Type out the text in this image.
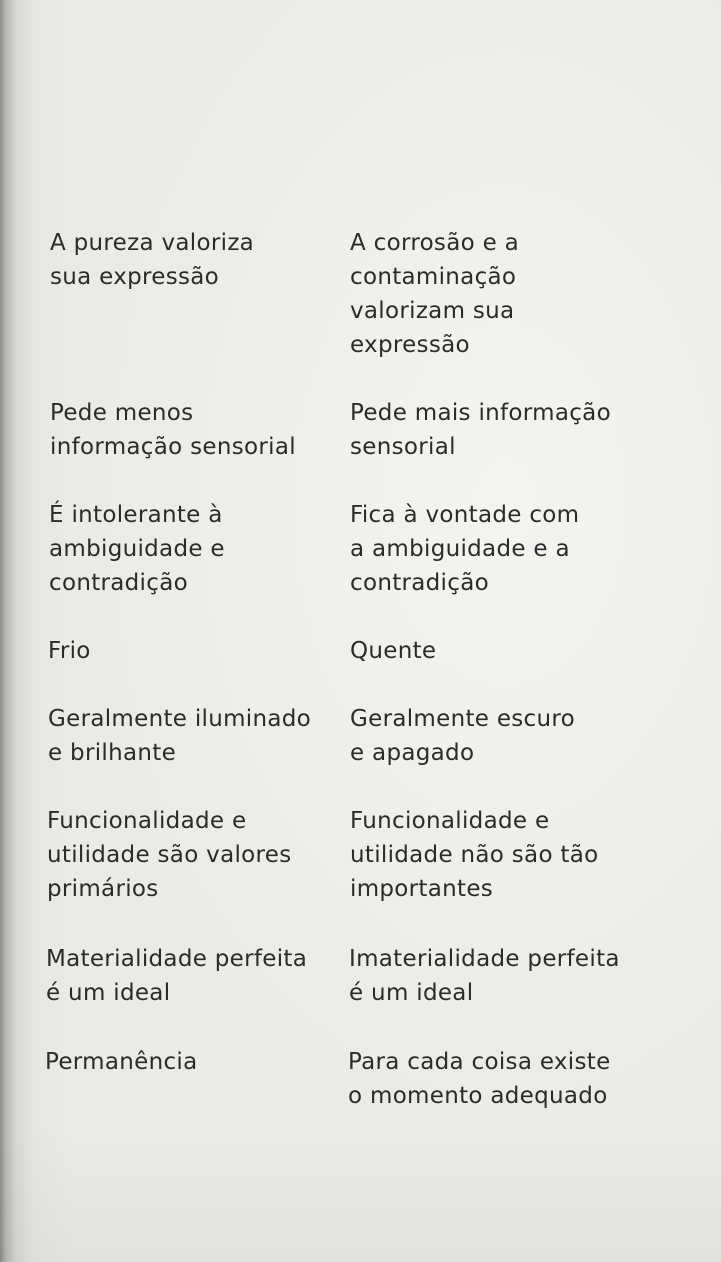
A pureza valoriza
sua expressão
A corrosão e a
contaminação
valorizam sua
expressão
Pede menos
informação sensorial
Pede mais informação
sensorial
É intolerante à
ambiguidade e
contradição
Fica à vontade com
a ambiguidade e a
contradição
Frio	Quente
Geralmente iluminado
e brilhante
Geralmente escuro
e apagado
Funcionalidade e
utilidade são valores
primários
Funcionalidade e
utilidade não são tão
importantes
Materialidade perfeita
é um ideal
Imaterialidade perfeita
é um ideal
Permanência	Para cada coisa existe
o momento adequado
